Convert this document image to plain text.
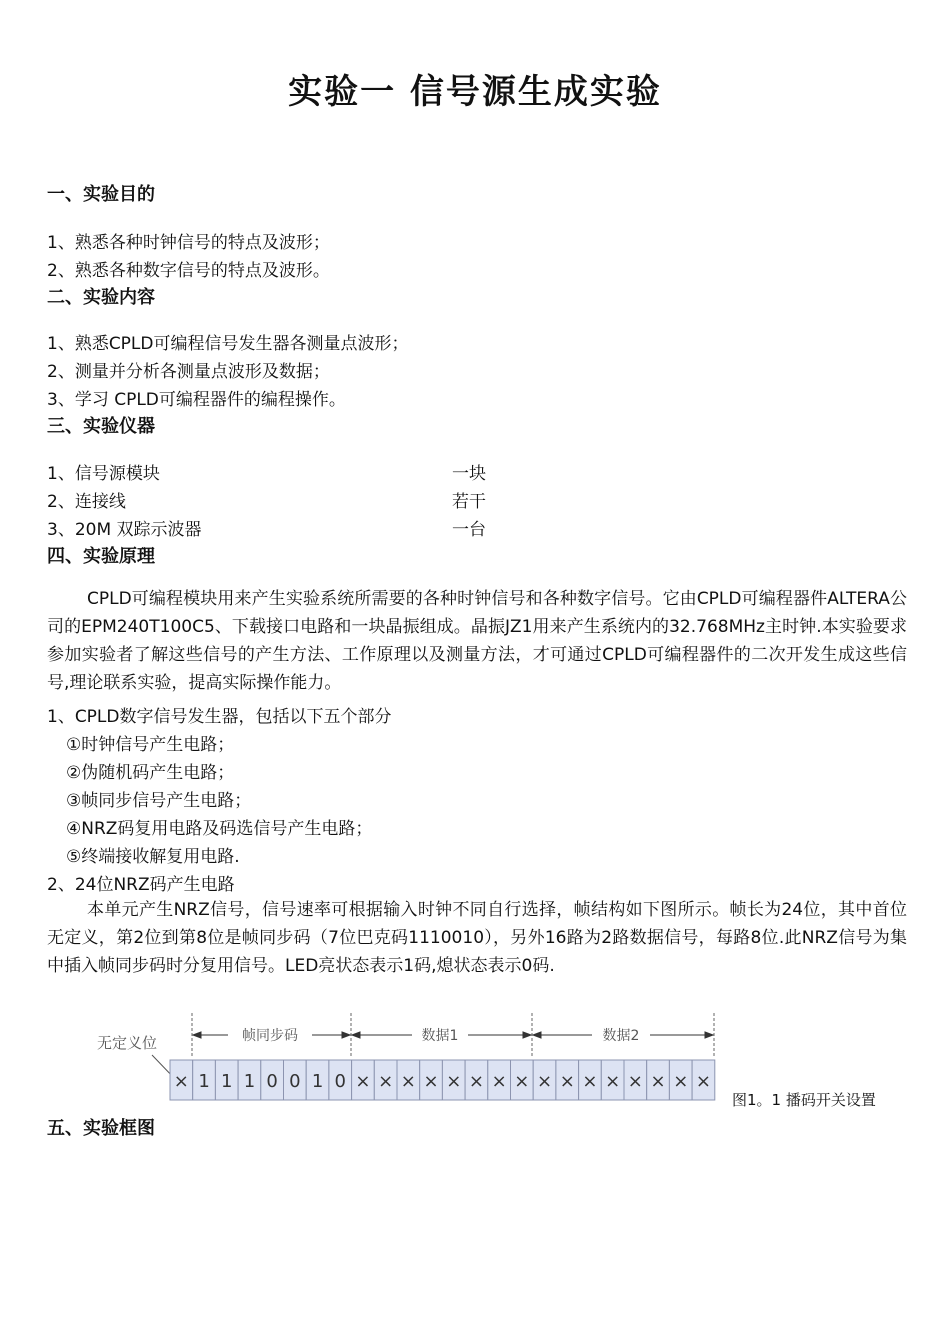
实验一 信号源生成实验
一、实验目的
1、熟悉各种时钟信号的特点及波形；
2、熟悉各种数字信号的特点及波形。
二、实验内容
1、熟悉CPLD可编程信号发生器各测量点波形；
2、测量并分析各测量点波形及数据；
3、学习 CPLD可编程器件的编程操作。
三、实验仪器
1、信号源模块	一块
2、连接线	若干
3、20M 双踪示波器	一台
四、实验原理
CPLD可编程模块用来产生实验系统所需要的各种时钟信号和各种数字信号。它由CPLD可编程器件ALTERA公司的EPM240T100C5、下载接口电路和一块晶振组成。晶振JZ1用来产生系统内的32.768MHz主时钟.本实验要求参加实验者了解这些信号的产生方法、工作原理以及测量方法，才可通过CPLD可编程器件的二次开发生成这些信号,理论联系实验，提高实际操作能力。
1、CPLD数字信号发生器，包括以下五个部分
①时钟信号产生电路；
②伪随机码产生电路；
③帧同步信号产生电路；
④NRZ码复用电路及码选信号产生电路；
⑤终端接收解复用电路.
2、24位NRZ码产生电路
本单元产生NRZ信号，信号速率可根据输入时钟不同自行选择，帧结构如下图所示。帧长为24位，其中首位无定义，第2位到第8位是帧同步码（7位巴克码1110010），另外16路为2路数据信号，每路8位.此NRZ信号为集中插入帧同步码时分复用信号。LED亮状态表示1码,熄状态表示0码.
帧同步码	数据1	数据2
无定义位
× 1 1 1 0 0 1 0 × × × × × × × × × × × × × × × ×
图1。1 播码开关设置
五、实验框图
